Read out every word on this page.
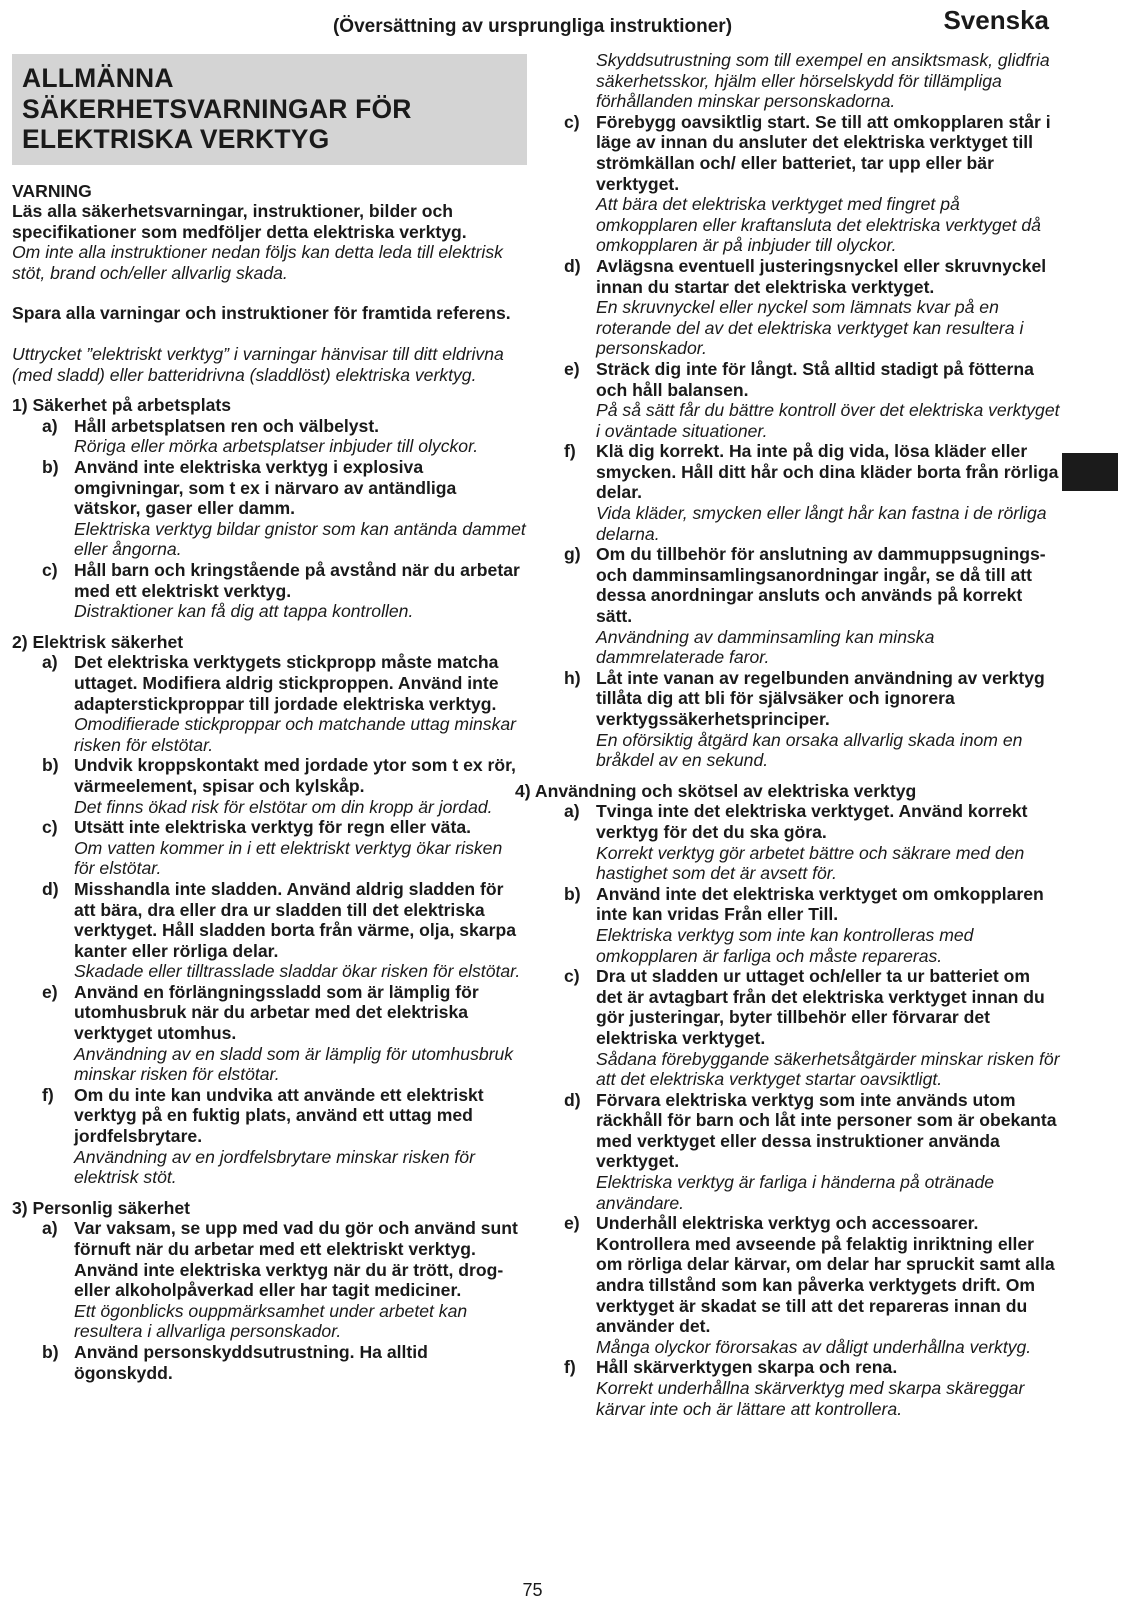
(Översättning av ursprungliga instruktioner)	Svenska
ALLMÄNNA
SÄKERHETSVARNINGAR FÖR
ELEKTRISKA VERKTYG

VARNING

Läs alla säkerhetsvarningar, instruktioner, bilder och specifikationer som medföljer detta elektriska verktyg.

Om inte alla instruktioner nedan följs kan detta leda till elektrisk stöt, brand och/eller allvarlig skada.

Spara alla varningar och instruktioner för framtida referens.

Uttrycket ”elektriskt verktyg” i varningar hänvisar till ditt eldrivna (med sladd) eller batteridrivna (sladdlöst) elektriska verktyg.

1) Säkerhet på arbetsplats
a) Håll arbetsplatsen ren och välbelyst.
Röriga eller mörka arbetsplatser inbjuder till olyckor.
b) Använd inte elektriska verktyg i explosiva omgivningar, som t ex i närvaro av antändliga vätskor, gaser eller damm.
Elektriska verktyg bildar gnistor som kan antända dammet eller ångorna.
c) Håll barn och kringstående på avstånd när du arbetar med ett elektriskt verktyg.
Distraktioner kan få dig att tappa kontrollen.
2) Elektrisk säkerhet
a) Det elektriska verktygets stickpropp måste matcha uttaget. Modifiera aldrig stickproppen. Använd inte adapterstickproppar till jordade elektriska verktyg.
Omodifierade stickproppar och matchande uttag minskar risken för elstötar.
b) Undvik kroppskontakt med jordade ytor som t ex rör, värmeelement, spisar och kylskåp.
Det finns ökad risk för elstötar om din kropp är jordad.
c) Utsätt inte elektriska verktyg för regn eller väta.
Om vatten kommer in i ett elektriskt verktyg ökar risken för elstötar.
d) Misshandla inte sladden. Använd aldrig sladden för att bära, dra eller dra ur sladden till det elektriska verktyget. Håll sladden borta från värme, olja, skarpa kanter eller rörliga delar.
Skadade eller tilltrasslade sladdar ökar risken för elstötar.
e) Använd en förlängningssladd som är lämplig för utomhusbruk när du arbetar med det elektriska verktyget utomhus.
Användning av en sladd som är lämplig för utomhusbruk minskar risken för elstötar.
f) Om du inte kan undvika att använde ett elektriskt verktyg på en fuktig plats, använd ett uttag med jordfelsbrytare.
Användning av en jordfelsbrytare minskar risken för elektrisk stöt.
3) Personlig säkerhet
a) Var vaksam, se upp med vad du gör och använd sunt förnuft när du arbetar med ett elektriskt verktyg. Använd inte elektriska verktyg när du är trött, drog- eller alkoholpåverkad eller har tagit mediciner.
Ett ögonblicks ouppmärksamhet under arbetet kan resultera i allvarliga personskador.
b) Använd personskyddsutrustning. Ha alltid ögonskydd.
Skyddsutrustning som till exempel en ansiktsmask, glidfria säkerhetsskor, hjälm eller hörselskydd för tillämpliga förhållanden minskar personskadorna.
c) Förebygg oavsiktlig start. Se till att omkopplaren står i läge av innan du ansluter det elektriska verktyget till strömkällan och/ eller batteriet, tar upp eller bär verktyget.
Att bära det elektriska verktyget med fingret på omkopplaren eller kraftansluta det elektriska verktyget då omkopplaren är på inbjuder till olyckor.
d) Avlägsna eventuell justeringsnyckel eller skruvnyckel innan du startar det elektriska verktyget.
En skruvnyckel eller nyckel som lämnats kvar på en roterande del av det elektriska verktyget kan resultera i personskador.
e) Sträck dig inte för långt. Stå alltid stadigt på fötterna och håll balansen.
På så sätt får du bättre kontroll över det elektriska verktyget i oväntade situationer.
f) Klä dig korrekt. Ha inte på dig vida, lösa kläder eller smycken. Håll ditt hår och dina kläder borta från rörliga delar.
Vida kläder, smycken eller långt hår kan fastna i de rörliga delarna.
g) Om du tillbehör för anslutning av dammuppsugnings- och damminsamlingsanordningar ingår, se då till att dessa anordningar ansluts och används på korrekt sätt.
Användning av damminsamling kan minska dammrelaterade faror.
h) Låt inte vanan av regelbunden användning av verktyg tillåta dig att bli för självsäker och ignorera verktygssäkerhetsprinciper.
En oförsiktig åtgärd kan orsaka allvarlig skada inom en bråkdel av en sekund.
4) Användning och skötsel av elektriska verktyg
a) Tvinga inte det elektriska verktyget. Använd korrekt verktyg för det du ska göra.
Korrekt verktyg gör arbetet bättre och säkrare med den hastighet som det är avsett för.
b) Använd inte det elektriska verktyget om omkopplaren inte kan vridas Från eller Till.
Elektriska verktyg som inte kan kontrolleras med omkopplaren är farliga och måste repareras.
c) Dra ut sladden ur uttaget och/eller ta ur batteriet om det är avtagbart från det elektriska verktyget innan du gör justeringar, byter tillbehör eller förvarar det elektriska verktyget.
Sådana förebyggande säkerhetsåtgärder minskar risken för att det elektriska verktyget startar oavsiktligt.
d) Förvara elektriska verktyg som inte används utom räckhåll för barn och låt inte personer som är obekanta med verktyget eller dessa instruktioner använda verktyget.
Elektriska verktyg är farliga i händerna på otränade användare.
e) Underhåll elektriska verktyg och accessoarer. Kontrollera med avseende på felaktig inriktning eller om rörliga delar kärvar, om delar har spruckit samt alla andra tillstånd som kan påverka verktygets drift. Om verktyget är skadat se till att det repareras innan du använder det.
Många olyckor förorsakas av dåligt underhållna verktyg.
f) Håll skärverktygen skarpa och rena.
Korrekt underhållna skärverktyg med skarpa skäreggar kärvar inte och är lättare att kontrollera.
75
